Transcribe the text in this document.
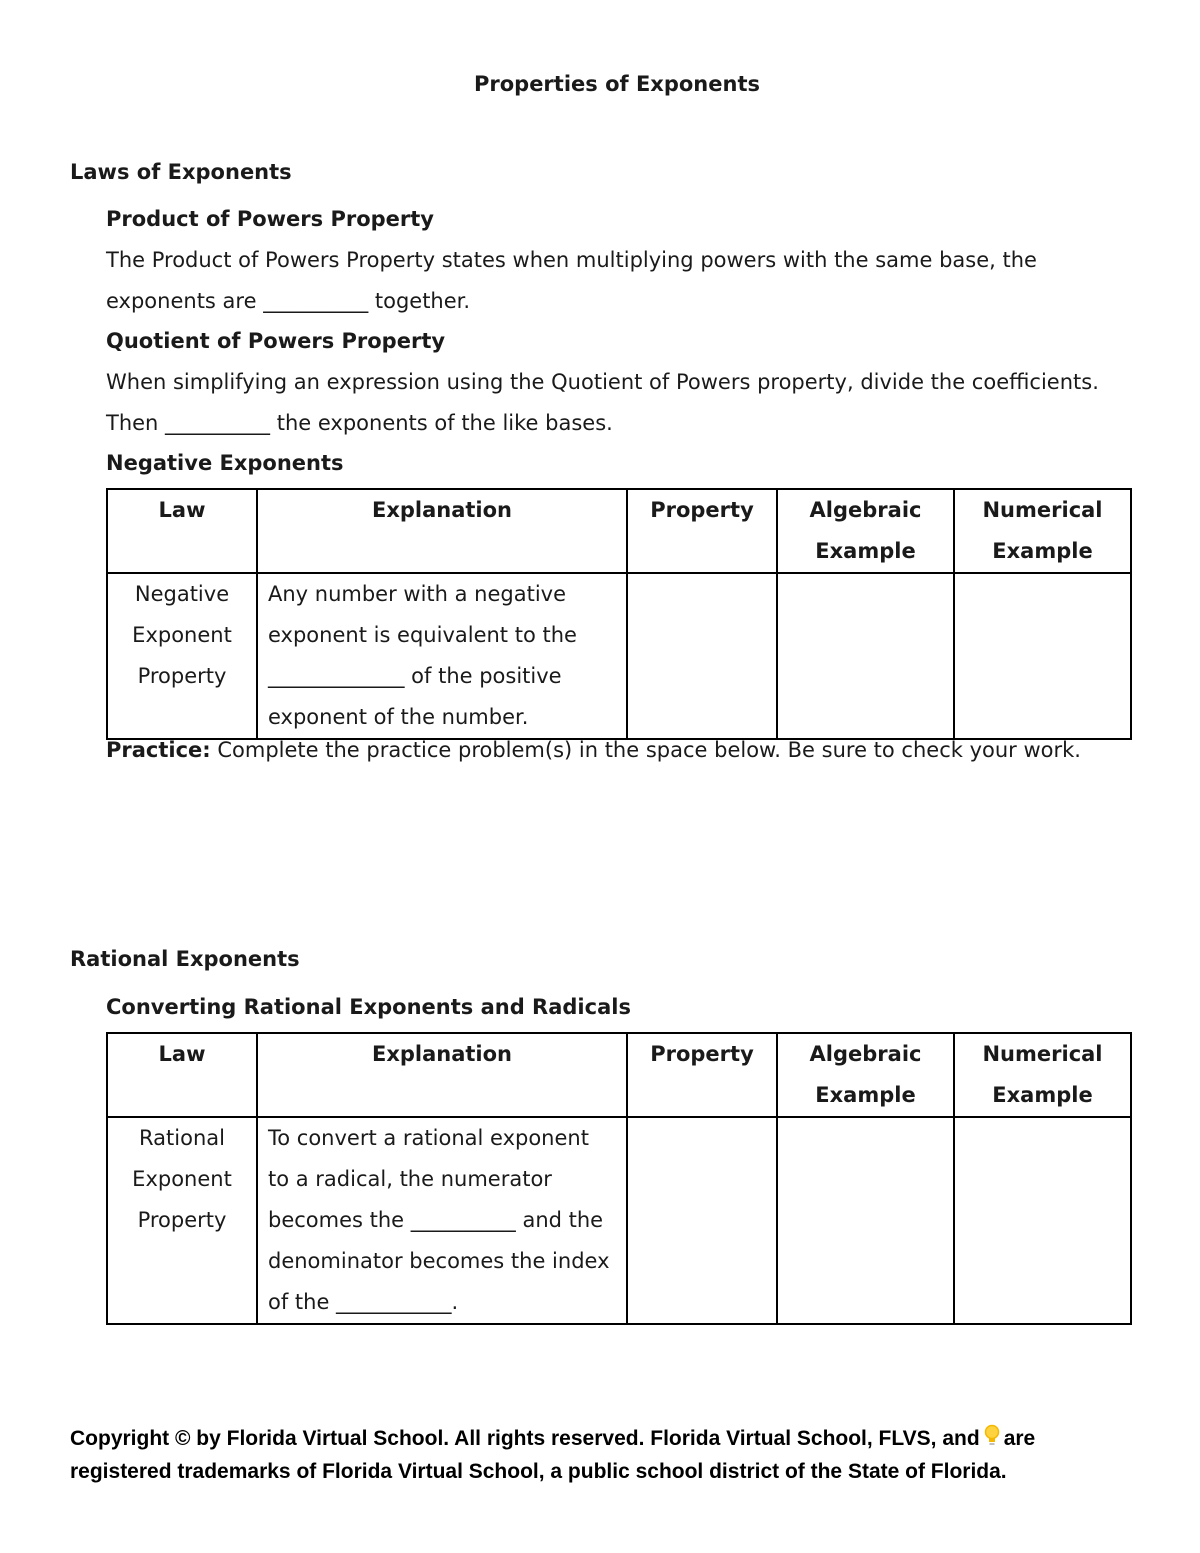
Properties of Exponents
Laws of Exponents
Product of Powers Property
The Product of Powers Property states when multiplying powers with the same base, the
exponents are __________ together.
Quotient of Powers Property
When simplifying an expression using the Quotient of Powers property, divide the coefficients.
Then __________ the exponents of the like bases.
Negative Exponents
Law	Explanation	Property	Algebraic Example	Numerical Example
Negative Exponent Property	Any number with a negative exponent is equivalent to the _____________ of the positive exponent of the number.			
Practice: Complete the practice problem(s) in the space below. Be sure to check your work.
Rational Exponents
Converting Rational Exponents and Radicals
Law	Explanation	Property	Algebraic Example	Numerical Example
Rational Exponent Property	To convert a rational exponent to a radical, the numerator becomes the __________ and the denominator becomes the index of the ___________.			
Copyright © by Florida Virtual School. All rights reserved. Florida Virtual School, FLVS, and are registered trademarks of Florida Virtual School, a public school district of the State of Florida.
